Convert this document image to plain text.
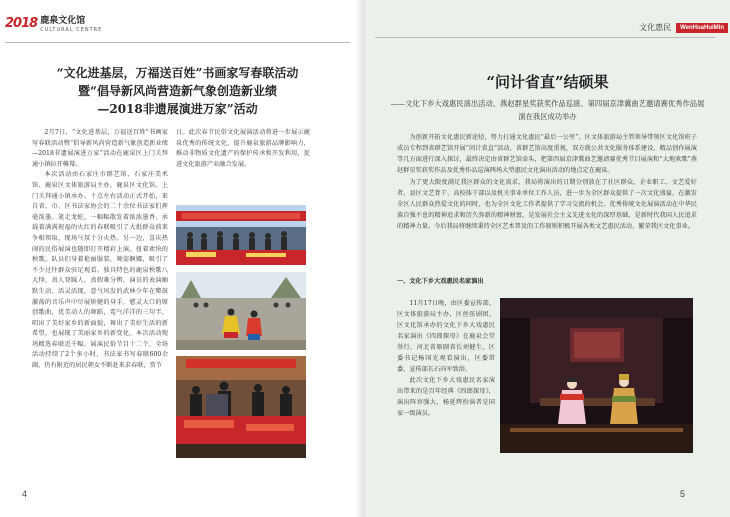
2018 鹿泉文化馆
CULTURAL CENTRE
“文化进基层，万福送百姓”书画家写春联活动
暨“倡导新风尚营造新气象创造新业绩
—2018非遗展演进万家”活动

2月7日，“文化进基层，万福送百姓”书画家写春联活动暨“倡导新风尚营造新气象创造新业绩—2018非遗展演进万家”活动在鹿泉区上门关拜通小镇拉开帷幕。

本次活动由石家庄市群艺馆、石家庄美术馆、鹿泉区文体旅游局主办，鹿泉区文化馆、上门关拜通小镇承办。十点左右活动正式开始，来自省、市、区书法家协会的二十余位书法家们挥毫泼墨。笔走龙蛇，一幅幅散发着浓浓墨香、承载着满满祝福的火红的春联吸引了大批群众前来争相领取，现场气氛十分火热。另一边，喜庆热闹的民俗展演也随即打开精彩上演。扭着欢快的秧歌，队员们身着艳丽服装，舞姿婀娜，吸引了不少过往群众驻足观看。独具特色的鹿泉秧歌八大怪，真人登踩人，真假难分辨，演员的表演幽默生动、活灵活现，意气风发的武林少年在鼙鼓激荡的音乐声中尽展矫健的身手，憨灵大口的原创歌曲，优美动人的舞蹈，霓气洋洋的三句半，唱出了美好家乡的新面貌，舞出了美好生活的新希望，也展现了美丽家乡的新变化。本次活动现场精选春联近千幅，展演民俗节目十二个，全场活动持续了2个多小时，书法家书写春联600余副，仍有附近的居民朝女不断赶来求春联，赏节

日。此次春节民俗文化展演活动将进一步展示鹿泉优秀的传统文化，提升鹿泉旅游品牌影响力，推动非物质文化遗产的保护传承和开发利用，促进文化旅游产业融合发展。

4
文化惠民	WenHuaHuiMin
“问计省直”结硕果
——文化下乡大戏惠民演出活动、燕赵群星奖获奖作品巡演、第四届京津冀曲艺邀请赛优秀作品展演在我区成功举办

为创新开拓文化惠民新途径，努力打通文化惠民“最后一公里”，区文体旅游局主管领导带领区文化馆班子成员专程到省群艺馆开展“问计省直”活动，省群艺馆高度重视，双方就公共文化服务体系建设、精品创作展演等几方面进行深入探讨，最终决定由省群艺馆牵头，把第四届京津冀曲艺邀请赛优秀节目展演和“大地欢歌”燕赵群星奖获奖作品及优秀作品巡演两场大型惠民文化演出活动的地点定在鹿泉。

为了更大限度满足我区群众的文化需求，我局将演出的日期分别放在了社区群众、企业职工、文艺爱好者、县区文艺骨干、高校体干部以及机关事业单位工作人员，进一步为全区群众提供了一次文化盛宴，在激发全区人民群众热爱文化的同时，也为全区文化工作者提供了学习交流的机会。优秀传统文化展演活动在中华民族自强不息的精神追求和历久弥新的精神财富，是发展社会主义先进文化的深厚基础，是新时代我国人民追求的精神力量。今后我局将继续秉持全区艺术普及的工作原则积极开展各类文艺惠民活动，繁荣我区文化事业。

一、文化下乡大戏惠民名家演出

11月17日晚，由区委宣传部、区文体旅游局主办，区丝弦剧团、区文化馆承办的文化下乡大戏惠民名家演出《四郎探母》在鹿泉会堂举行。河北省原副省长刘健生、区委书记杨国光观看演出，区委常委、宣传部长石向军致辞。

此次文化下乡大戏惠民名家演出带来的是百年经典《四郎探母》，演出阵容强大，杨延辉扮演者是国家一级演员。

5
